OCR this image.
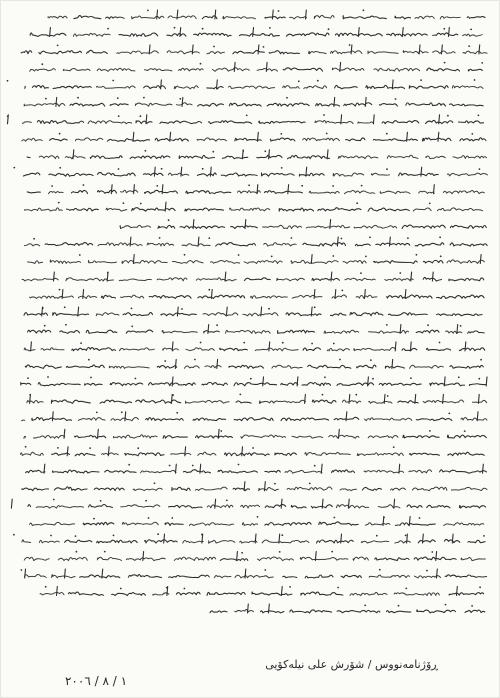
ڕۆژنامەنووس / شۆرش علی نیلەکۆیی
١ / ٨ / ٢٠٠٦
